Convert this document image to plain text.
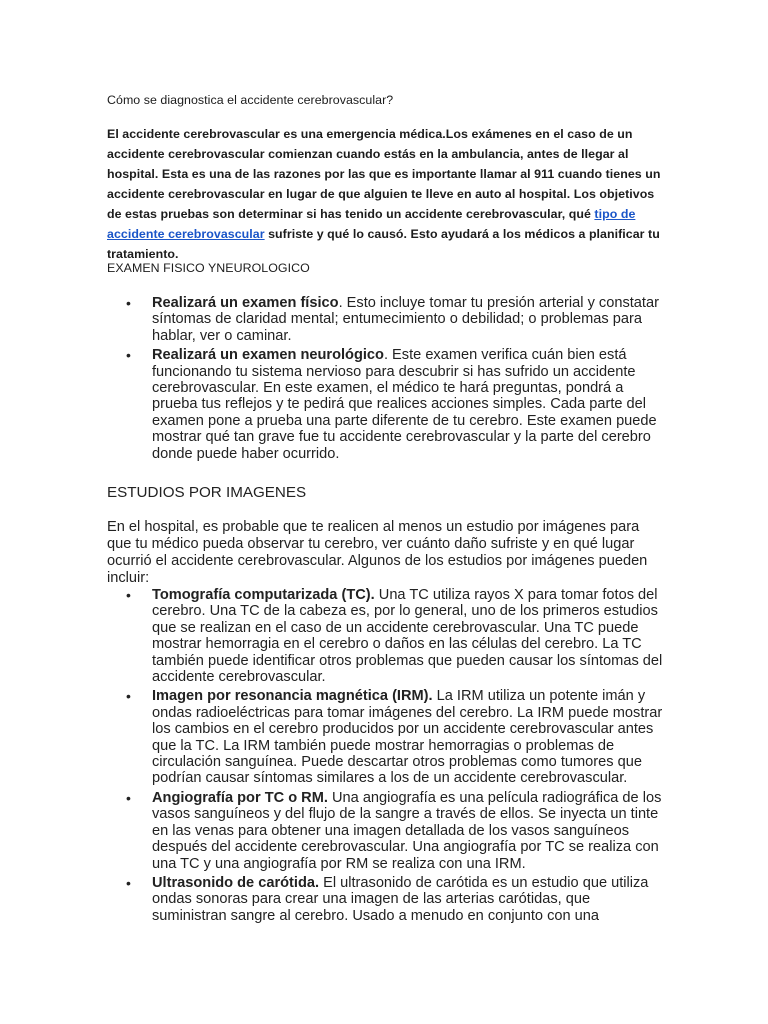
Cómo se diagnostica el accidente cerebrovascular?

El accidente cerebrovascular es una emergencia médica.Los exámenes en el caso de un accidente cerebrovascular comienzan cuando estás en la ambulancia, antes de llegar al hospital. Esta es una de las razones por las que es importante llamar al 911 cuando tienes un accidente cerebrovascular en lugar de que alguien te lleve en auto al hospital. Los objetivos de estas pruebas son determinar si has tenido un accidente cerebrovascular, qué tipo de accidente cerebrovascular sufriste y qué lo causó. Esto ayudará a los médicos a planificar tu tratamiento.

EXAMEN FISICO YNEUROLOGICO

• Realizará un examen físico. Esto incluye tomar tu presión arterial y constatar síntomas de claridad mental; entumecimiento o debilidad; o problemas para hablar, ver o caminar.
• Realizará un examen neurológico. Este examen verifica cuán bien está funcionando tu sistema nervioso para descubrir si has sufrido un accidente cerebrovascular. En este examen, el médico te hará preguntas, pondrá a prueba tus reflejos y te pedirá que realices acciones simples. Cada parte del examen pone a prueba una parte diferente de tu cerebro. Este examen puede mostrar qué tan grave fue tu accidente cerebrovascular y la parte del cerebro donde puede haber ocurrido.

ESTUDIOS POR IMAGENES

En el hospital, es probable que te realicen al menos un estudio por imágenes para que tu médico pueda observar tu cerebro, ver cuánto daño sufriste y en qué lugar ocurrió el accidente cerebrovascular. Algunos de los estudios por imágenes pueden incluir:

• Tomografía computarizada (TC). Una TC utiliza rayos X para tomar fotos del cerebro. Una TC de la cabeza es, por lo general, uno de los primeros estudios que se realizan en el caso de un accidente cerebrovascular. Una TC puede mostrar hemorragia en el cerebro o daños en las células del cerebro. La TC también puede identificar otros problemas que pueden causar los síntomas del accidente cerebrovascular.
• Imagen por resonancia magnética (IRM). La IRM utiliza un potente imán y ondas radioeléctricas para tomar imágenes del cerebro. La IRM puede mostrar los cambios en el cerebro producidos por un accidente cerebrovascular antes que la TC. La IRM también puede mostrar hemorragias o problemas de circulación sanguínea. Puede descartar otros problemas como tumores que podrían causar síntomas similares a los de un accidente cerebrovascular.
• Angiografía por TC o RM. Una angiografía es una película radiográfica de los vasos sanguíneos y del flujo de la sangre a través de ellos. Se inyecta un tinte en las venas para obtener una imagen detallada de los vasos sanguíneos después del accidente cerebrovascular. Una angiografía por TC se realiza con una TC y una angiografía por RM se realiza con una IRM.
• Ultrasonido de carótida. El ultrasonido de carótida es un estudio que utiliza ondas sonoras para crear una imagen de las arterias carótidas, que suministran sangre al cerebro. Usado a menudo en conjunto con una
